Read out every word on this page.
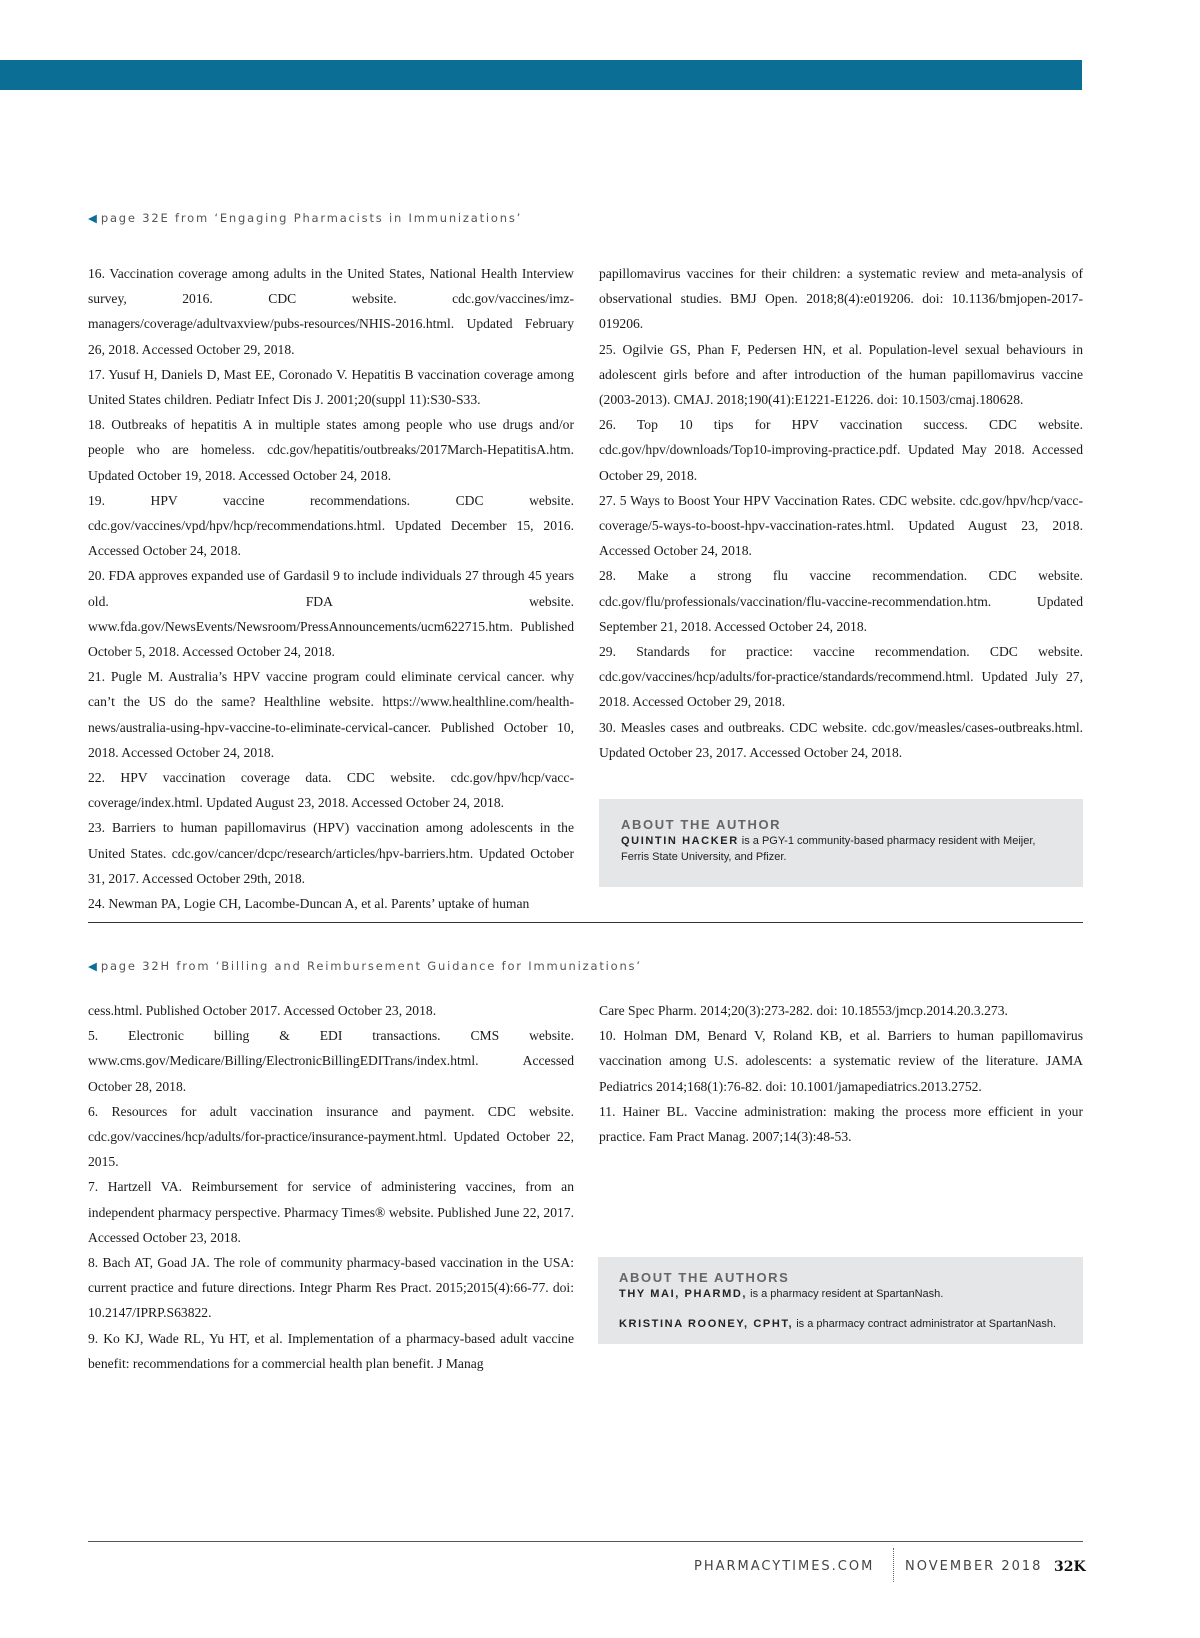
◀ page 32E from ‘Engaging Pharmacists in Immunizations’

16. Vaccination coverage among adults in the United States, National Health Interview survey, 2016. CDC website. cdc.gov/vaccines/imz-managers/coverage/adultvaxview/pubs-resources/NHIS-2016.html. Updated February 26, 2018. Accessed October 29, 2018.

17. Yusuf H, Daniels D, Mast EE, Coronado V. Hepatitis B vaccination coverage among United States children. Pediatr Infect Dis J. 2001;20(suppl 11):S30-S33.

18. Outbreaks of hepatitis A in multiple states among people who use drugs and/or people who are homeless. cdc.gov/hepatitis/outbreaks/2017March-HepatitisA.htm. Updated October 19, 2018. Accessed October 24, 2018.

19. HPV vaccine recommendations. CDC website. cdc.gov/vaccines/vpd/hpv/hcp/recommendations.html. Updated December 15, 2016. Accessed October 24, 2018.

20. FDA approves expanded use of Gardasil 9 to include individuals 27 through 45 years old. FDA website. www.fda.gov/NewsEvents/Newsroom/PressAnnouncements/ucm622715.htm. Published October 5, 2018. Accessed October 24, 2018.

21. Pugle M. Australia’s HPV vaccine program could eliminate cervical cancer. why can’t the US do the same? Healthline website. https://www.healthline.com/health-news/australia-using-hpv-vaccine-to-eliminate-cervical-cancer. Published October 10, 2018. Accessed October 24, 2018.

22. HPV vaccination coverage data. CDC website. cdc.gov/hpv/hcp/vacc-coverage/index.html. Updated August 23, 2018. Accessed October 24, 2018.

23. Barriers to human papillomavirus (HPV) vaccination among adolescents in the United States. cdc.gov/cancer/dcpc/research/articles/hpv-barriers.htm. Updated October 31, 2017. Accessed October 29th, 2018.

24. Newman PA, Logie CH, Lacombe-Duncan A, et al. Parents’ uptake of human

papillomavirus vaccines for their children: a systematic review and meta-analysis of observational studies. BMJ Open. 2018;8(4):e019206. doi: 10.1136/bmjopen-2017-019206.

25. Ogilvie GS, Phan F, Pedersen HN, et al. Population-level sexual behaviours in adolescent girls before and after introduction of the human papillomavirus vaccine (2003-2013). CMAJ. 2018;190(41):E1221-E1226. doi: 10.1503/cmaj.180628.

26. Top 10 tips for HPV vaccination success. CDC website. cdc.gov/hpv/downloads/Top10-improving-practice.pdf. Updated May 2018. Accessed October 29, 2018.

27. 5 Ways to Boost Your HPV Vaccination Rates. CDC website. cdc.gov/hpv/hcp/vacc-coverage/5-ways-to-boost-hpv-vaccination-rates.html. Updated August 23, 2018. Accessed October 24, 2018.

28. Make a strong flu vaccine recommendation. CDC website. cdc.gov/flu/professionals/vaccination/flu-vaccine-recommendation.htm. Updated September 21, 2018. Accessed October 24, 2018.

29. Standards for practice: vaccine recommendation. CDC website. cdc.gov/vaccines/hcp/adults/for-practice/standards/recommend.html. Updated July 27, 2018. Accessed October 29, 2018.

30. Measles cases and outbreaks. CDC website. cdc.gov/measles/cases-outbreaks.html. Updated October 23, 2017. Accessed October 24, 2018.

ABOUT THE AUTHOR

QUINTIN HACKER is a PGY-1 community-based pharmacy resident with Meijer, Ferris State University, and Pfizer.

◀ page 32H from ‘Billing and Reimbursement Guidance for Immunizations’

cess.html. Published October 2017. Accessed October 23, 2018.

5. Electronic billing & EDI transactions. CMS website. www.cms.gov/Medicare/Billing/ElectronicBillingEDITrans/index.html. Accessed October 28, 2018.

6. Resources for adult vaccination insurance and payment. CDC website. cdc.gov/vaccines/hcp/adults/for-practice/insurance-payment.html. Updated October 22, 2015.

7. Hartzell VA. Reimbursement for service of administering vaccines, from an independent pharmacy perspective. Pharmacy Times® website. Published June 22, 2017. Accessed October 23, 2018.

8. Bach AT, Goad JA. The role of community pharmacy-based vaccination in the USA: current practice and future directions. Integr Pharm Res Pract. 2015;2015(4):66-77. doi: 10.2147/IPRP.S63822.

9. Ko KJ, Wade RL, Yu HT, et al. Implementation of a pharmacy-based adult vaccine benefit: recommendations for a commercial health plan benefit. J Manag

Care Spec Pharm. 2014;20(3):273-282. doi: 10.18553/jmcp.2014.20.3.273.

10. Holman DM, Benard V, Roland KB, et al. Barriers to human papillomavirus vaccination among U.S. adolescents: a systematic review of the literature. JAMA Pediatrics 2014;168(1):76-82. doi: 10.1001/jamapediatrics.2013.2752.

11. Hainer BL. Vaccine administration: making the process more efficient in your practice. Fam Pract Manag. 2007;14(3):48-53.

ABOUT THE AUTHORS

THY MAI, PHARMD, is a pharmacy resident at SpartanNash.

KRISTINA ROONEY, CPHT, is a pharmacy contract administrator at SpartanNash.

PHARMACYTIMES.COM NOVEMBER 2018 32K
